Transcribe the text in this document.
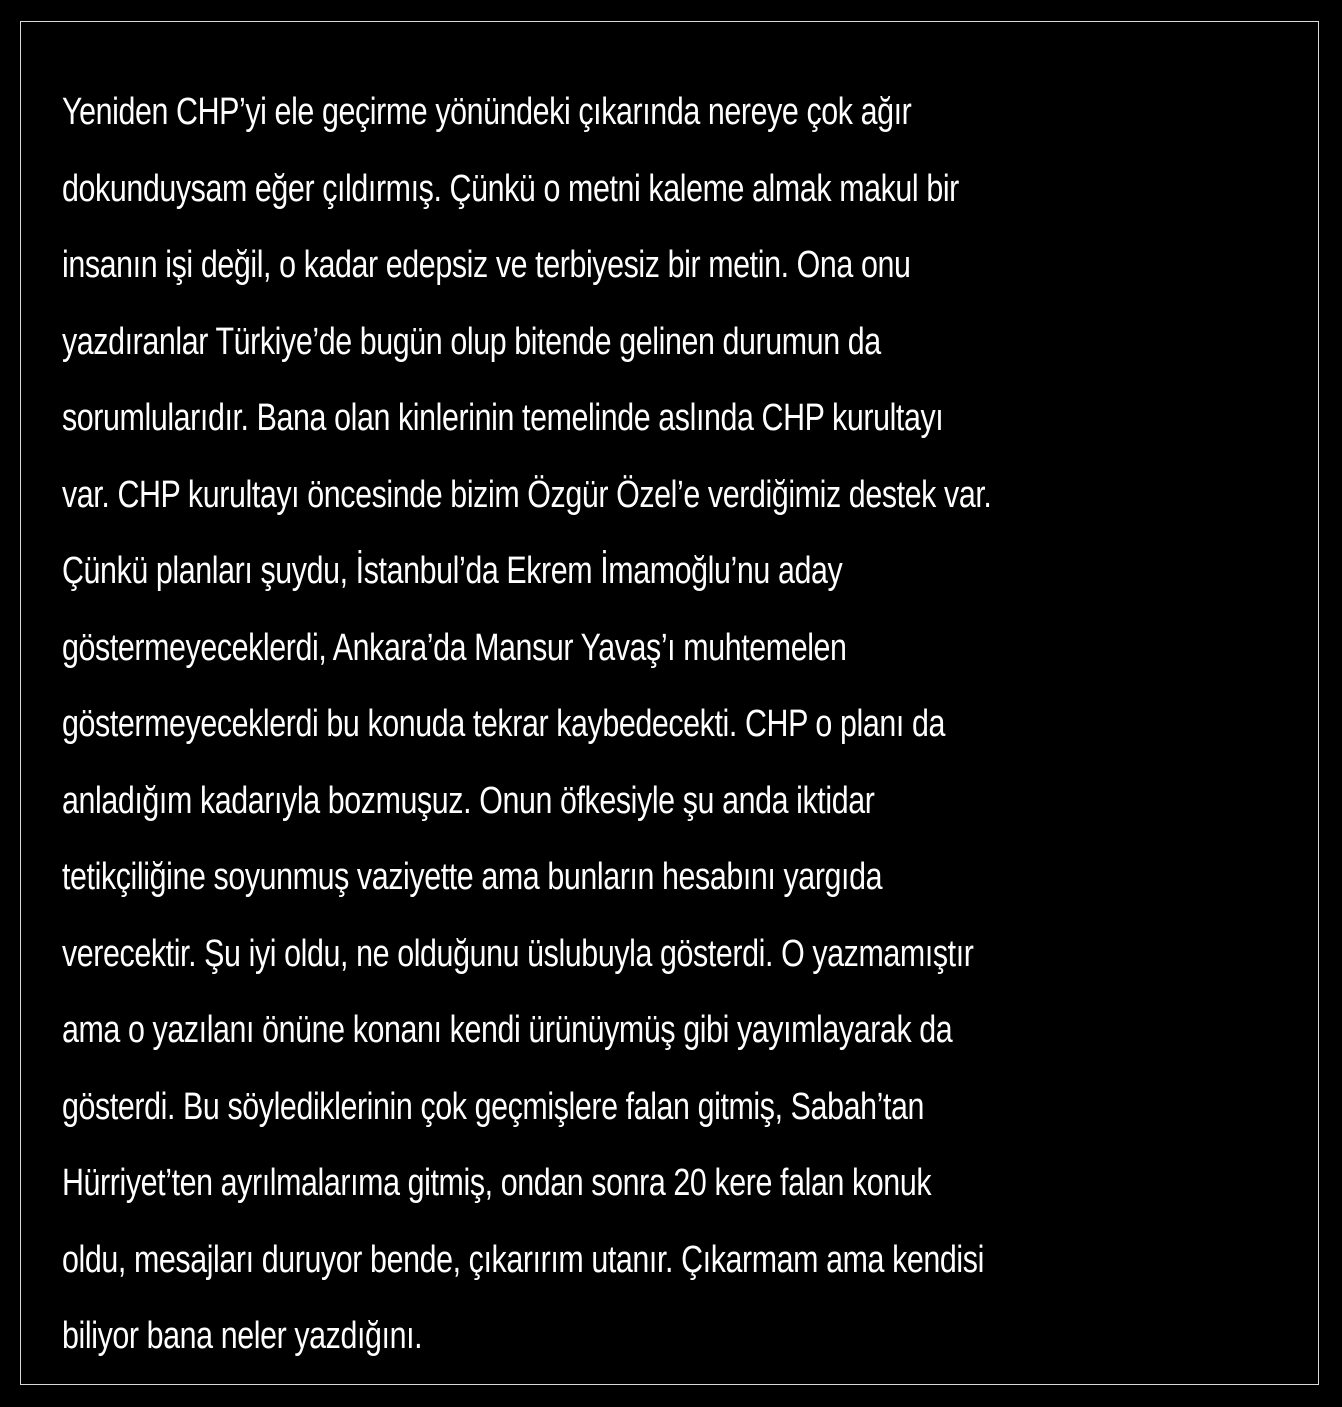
Yeniden CHP’yi ele geçirme yönündeki çıkarında nereye çok ağır
dokunduysam eğer çıldırmış. Çünkü o metni kaleme almak makul bir
insanın işi değil, o kadar edepsiz ve terbiyesiz bir metin. Ona onu
yazdıranlar Türkiye’de bugün olup bitende gelinen durumun da
sorumlularıdır. Bana olan kinlerinin temelinde aslında CHP kurultayı
var. CHP kurultayı öncesinde bizim Özgür Özel’e verdiğimiz destek var.
Çünkü planları şuydu, İstanbul’da Ekrem İmamoğlu’nu aday
göstermeyeceklerdi, Ankara’da Mansur Yavaş’ı muhtemelen
göstermeyeceklerdi bu konuda tekrar kaybedecekti. CHP o planı da
anladığım kadarıyla bozmuşuz. Onun öfkesiyle şu anda iktidar
tetikçiliğine soyunmuş vaziyette ama bunların hesabını yargıda
verecektir. Şu iyi oldu, ne olduğunu üslubuyla gösterdi. O yazmamıştır
ama o yazılanı önüne konanı kendi ürünüymüş gibi yayımlayarak da
gösterdi. Bu söylediklerinin çok geçmişlere falan gitmiş, Sabah’tan
Hürriyet’ten ayrılmalarıma gitmiş, ondan sonra 20 kere falan konuk
oldu, mesajları duruyor bende, çıkarırım utanır. Çıkarmam ama kendisi
biliyor bana neler yazdığını.
